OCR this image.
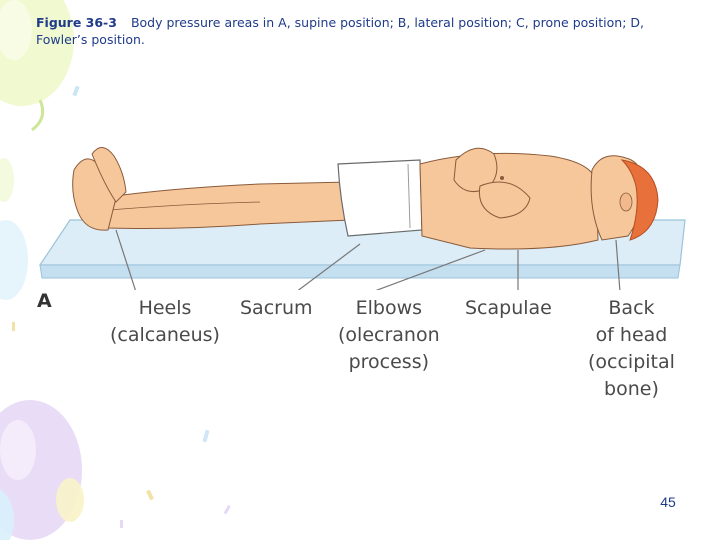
Figure 36-3 Body pressure areas in A, supine position; B, lateral position; C, prone position; D,
Fowler’s position.
A	Heels
(calcaneus)
Sacrum	Elbows
(olecranon
process)
Scapulae	Back
of head
(occipital
bone)
45
